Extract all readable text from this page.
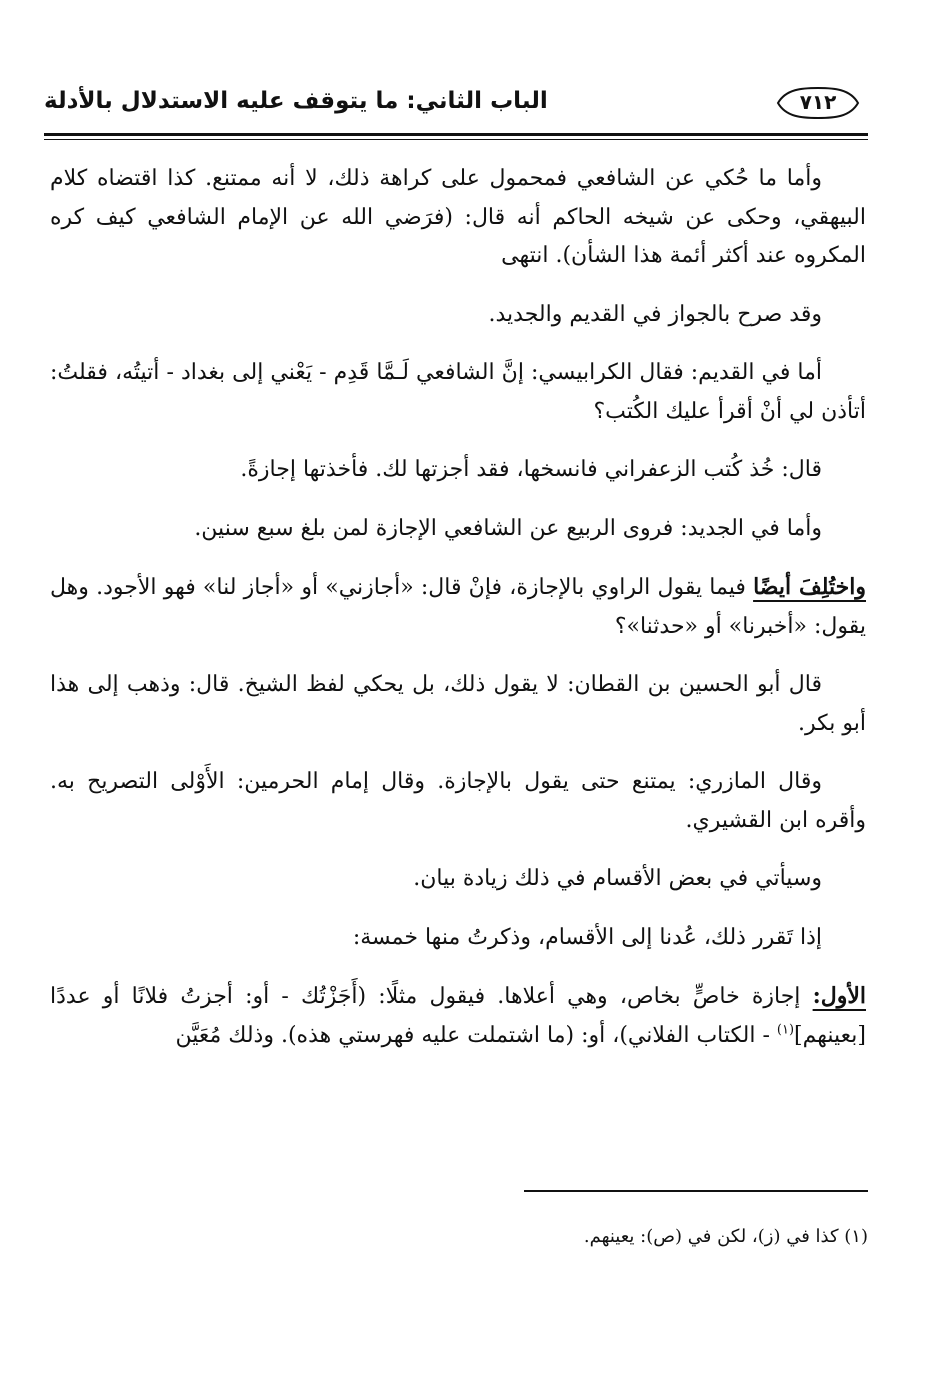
الباب الثاني: ما يتوقف عليه الاستدلال بالأدلة	٧١٢

وأما ما حُكي عن الشافعي فمحمول على كراهة ذلك، لا أنه ممتنع. كذا اقتضاه كلام البيهقي، وحكى عن شيخه الحاكم أنه قال: (فرَضي الله عن الإمام الشافعي كيف كره المكروه عند أكثر أئمة هذا الشأن). انتهى

وقد صرح بالجواز في القديم والجديد.

أما في القديم: فقال الكرابيسي: إنَّ الشافعي لَـمَّا قَدِم - يَعْني إلى بغداد - أتيتُه، فقلتُ: أتأذن لي أنْ أقرأ عليك الكُتب؟

قال: خُذ كُتب الزعفراني فانسخها، فقد أجزتها لك. فأخذتها إجازةً.

وأما في الجديد: فروى الربيع عن الشافعي الإجازة لمن بلغ سبع سنين.

واختُلِفَ أيضًا فيما يقول الراوي بالإجازة، فإنْ قال: «أجازني» أو «أجاز لنا» فهو الأجود. وهل يقول: «أخبرنا» أو «حدثنا»؟

قال أبو الحسين بن القطان: لا يقول ذلك، بل يحكي لفظ الشيخ. قال: وذهب إلى هذا أبو بكر.

وقال المازري: يمتنع حتى يقول بالإجازة. وقال إمام الحرمين: الأَوْلى التصريح به. وأقره ابن القشيري.

وسيأتي في بعض الأقسام في ذلك زيادة بيان.

إذا تَقرر ذلك، عُدنا إلى الأقسام، وذكرتُ منها خمسة:

الأول: إجازة خاصٍّ بخاص، وهي أعلاها. فيقول مثلًا: (أَجَزْتُك - أو: أجزتُ فلانًا أو عددًا [بعينهم]$^{(١)}$ - الكتاب الفلاني)، أو: (ما اشتملت عليه فهرستي هذه). وذلك مُعَيَّن

(١) كذا في (ز)، لكن في (ص): يعينهم.
